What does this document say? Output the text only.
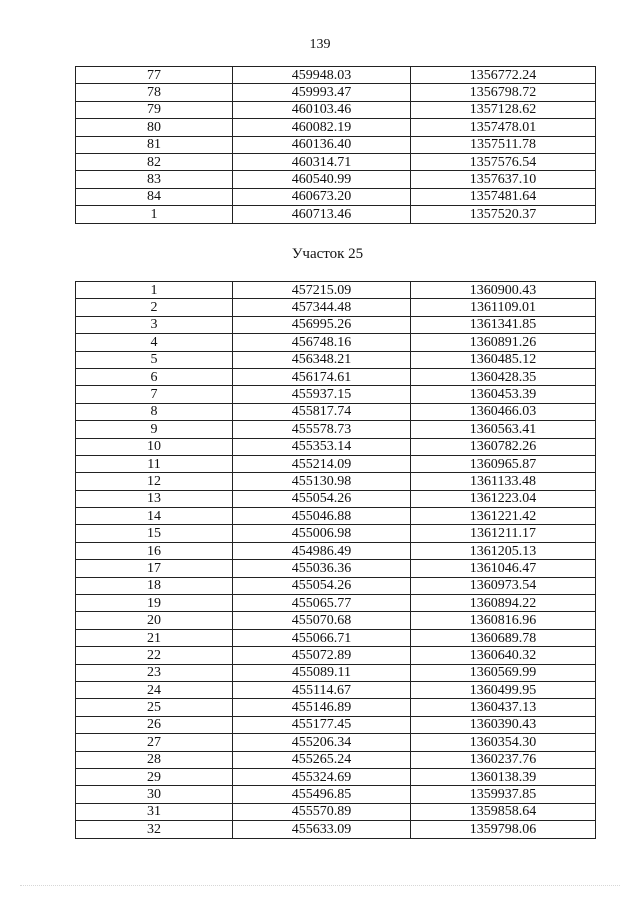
139
77	459948.03	1356772.24
78	459993.47	1356798.72
79	460103.46	1357128.62
80	460082.19	1357478.01
81	460136.40	1357511.78
82	460314.71	1357576.54
83	460540.99	1357637.10
84	460673.20	1357481.64
1	460713.46	1357520.37
Участок 25
1	457215.09	1360900.43
2	457344.48	1361109.01
3	456995.26	1361341.85
4	456748.16	1360891.26
5	456348.21	1360485.12
6	456174.61	1360428.35
7	455937.15	1360453.39
8	455817.74	1360466.03
9	455578.73	1360563.41
10	455353.14	1360782.26
11	455214.09	1360965.87
12	455130.98	1361133.48
13	455054.26	1361223.04
14	455046.88	1361221.42
15	455006.98	1361211.17
16	454986.49	1361205.13
17	455036.36	1361046.47
18	455054.26	1360973.54
19	455065.77	1360894.22
20	455070.68	1360816.96
21	455066.71	1360689.78
22	455072.89	1360640.32
23	455089.11	1360569.99
24	455114.67	1360499.95
25	455146.89	1360437.13
26	455177.45	1360390.43
27	455206.34	1360354.30
28	455265.24	1360237.76
29	455324.69	1360138.39
30	455496.85	1359937.85
31	455570.89	1359858.64
32	455633.09	1359798.06
